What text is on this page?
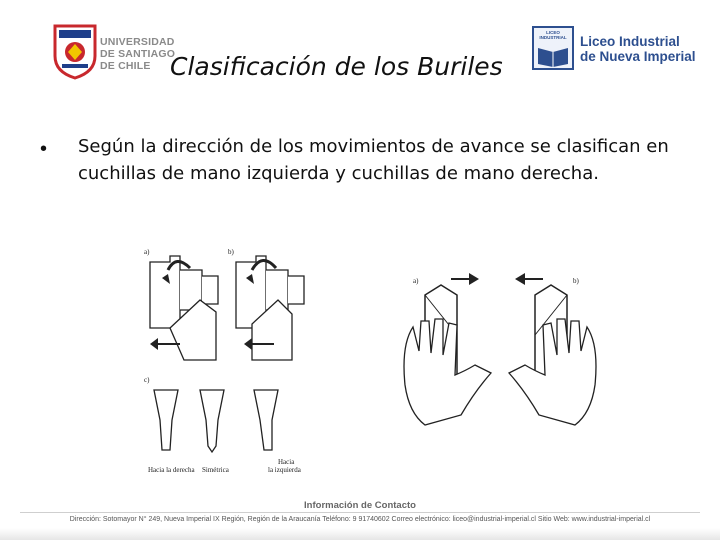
UNIVERSIDAD
DE SANTIAGO
DE CHILE
LICEO INDUSTRIAL Liceo Industrial
de Nueva Imperial
Clasificación de los Buriles
• Según la dirección de los movimientos de avance se clasifican en cuchillas de mano izquierda y cuchillas de mano derecha.
a)	b)
c)
Hacia la derecha Simétrica
Hacia
la izquierda
a)	b)
Información de Contacto
Dirección: Sotomayor N° 249, Nueva Imperial IX Región, Región de la Araucanía Teléfono: 9 91740602 Correo electrónico: liceo@industrial-imperial.cl Sitio Web: www.industrial-imperial.cl
